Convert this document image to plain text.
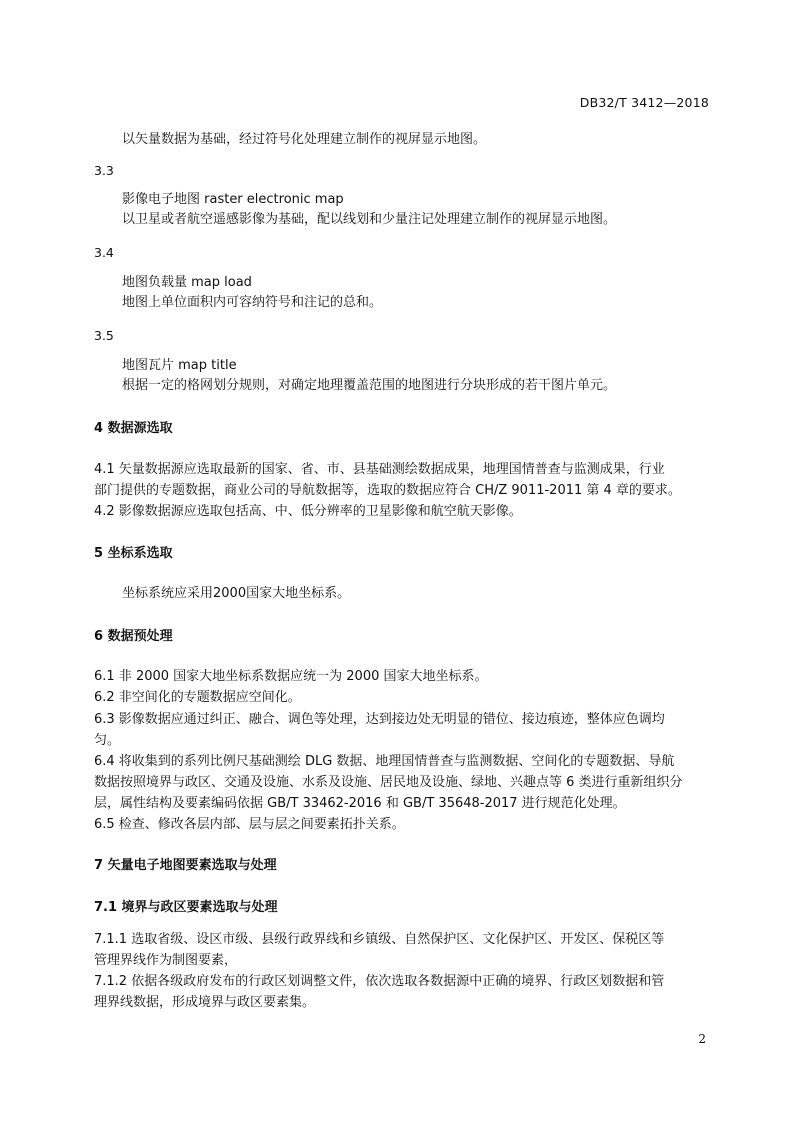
DB32/T 3412—2018
以矢量数据为基础，经过符号化处理建立制作的视屏显示地图。
3.3
影像电子地图 raster electronic map
以卫星或者航空遥感影像为基础，配以线划和少量注记处理建立制作的视屏显示地图。
3.4
地图负载量 map load
地图上单位面积内可容纳符号和注记的总和。
3.5
地图瓦片 map title
根据一定的格网划分规则，对确定地理覆盖范围的地图进行分块形成的若干图片单元。
4 数据源选取
4.1 矢量数据源应选取最新的国家、省、市、县基础测绘数据成果，地理国情普查与监测成果，行业
部门提供的专题数据，商业公司的导航数据等，选取的数据应符合 CH/Z 9011-2011 第 4 章的要求。
4.2 影像数据源应选取包括高、中、低分辨率的卫星影像和航空航天影像。
5 坐标系选取
坐标系统应采用2000国家大地坐标系。
6 数据预处理
6.1 非 2000 国家大地坐标系数据应统一为 2000 国家大地坐标系。
6.2 非空间化的专题数据应空间化。
6.3 影像数据应通过纠正、融合、调色等处理，达到接边处无明显的错位、接边痕迹，整体应色调均
匀。
6.4 将收集到的系列比例尺基础测绘 DLG 数据、地理国情普查与监测数据、空间化的专题数据、导航
数据按照境界与政区、交通及设施、水系及设施、居民地及设施、绿地、兴趣点等 6 类进行重新组织分
层，属性结构及要素编码依据 GB/T 33462-2016 和 GB/T 35648-2017 进行规范化处理。
6.5 检查、修改各层内部、层与层之间要素拓扑关系。
7 矢量电子地图要素选取与处理
7.1 境界与政区要素选取与处理
7.1.1 选取省级、设区市级、县级行政界线和乡镇级、自然保护区、文化保护区、开发区、保税区等
管理界线作为制图要素，
7.1.2 依据各级政府发布的行政区划调整文件，依次选取各数据源中正确的境界、行政区划数据和管
理界线数据，形成境界与政区要素集。
2
